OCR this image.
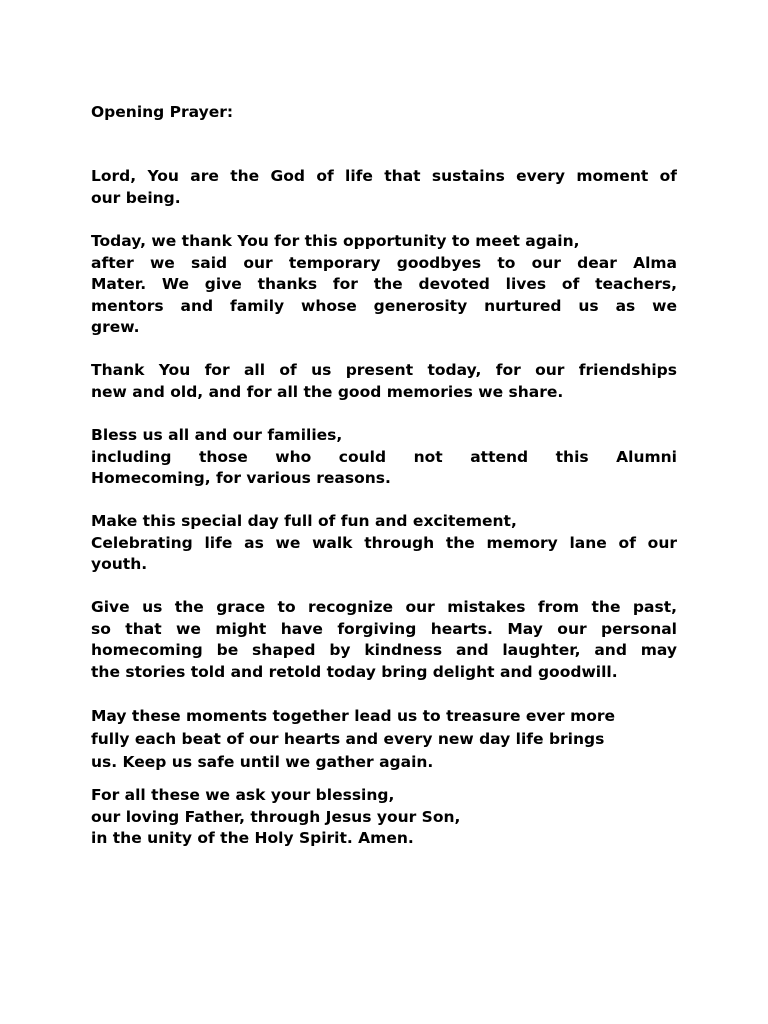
Opening Prayer:
Lord, You are the God of life that sustains every moment of
our being.
Today, we thank You for this opportunity to meet again,
after we said our temporary goodbyes to our dear Alma
Mater. We give thanks for the devoted lives of teachers,
mentors and family whose generosity nurtured us as we
grew.
Thank You for all of us present today, for our friendships
new and old, and for all the good memories we share.
Bless us all and our families,
including those who could not attend this Alumni
Homecoming, for various reasons.
Make this special day full of fun and excitement,
Celebrating life as we walk through the memory lane of our
youth.
Give us the grace to recognize our mistakes from the past,
so that we might have forgiving hearts. May our personal
homecoming be shaped by kindness and laughter, and may
the stories told and retold today bring delight and goodwill.
May these moments together lead us to treasure ever more
fully each beat of our hearts and every new day life brings
us. Keep us safe until we gather again.
For all these we ask your blessing,
our loving Father, through Jesus your Son,
in the unity of the Holy Spirit. Amen.
